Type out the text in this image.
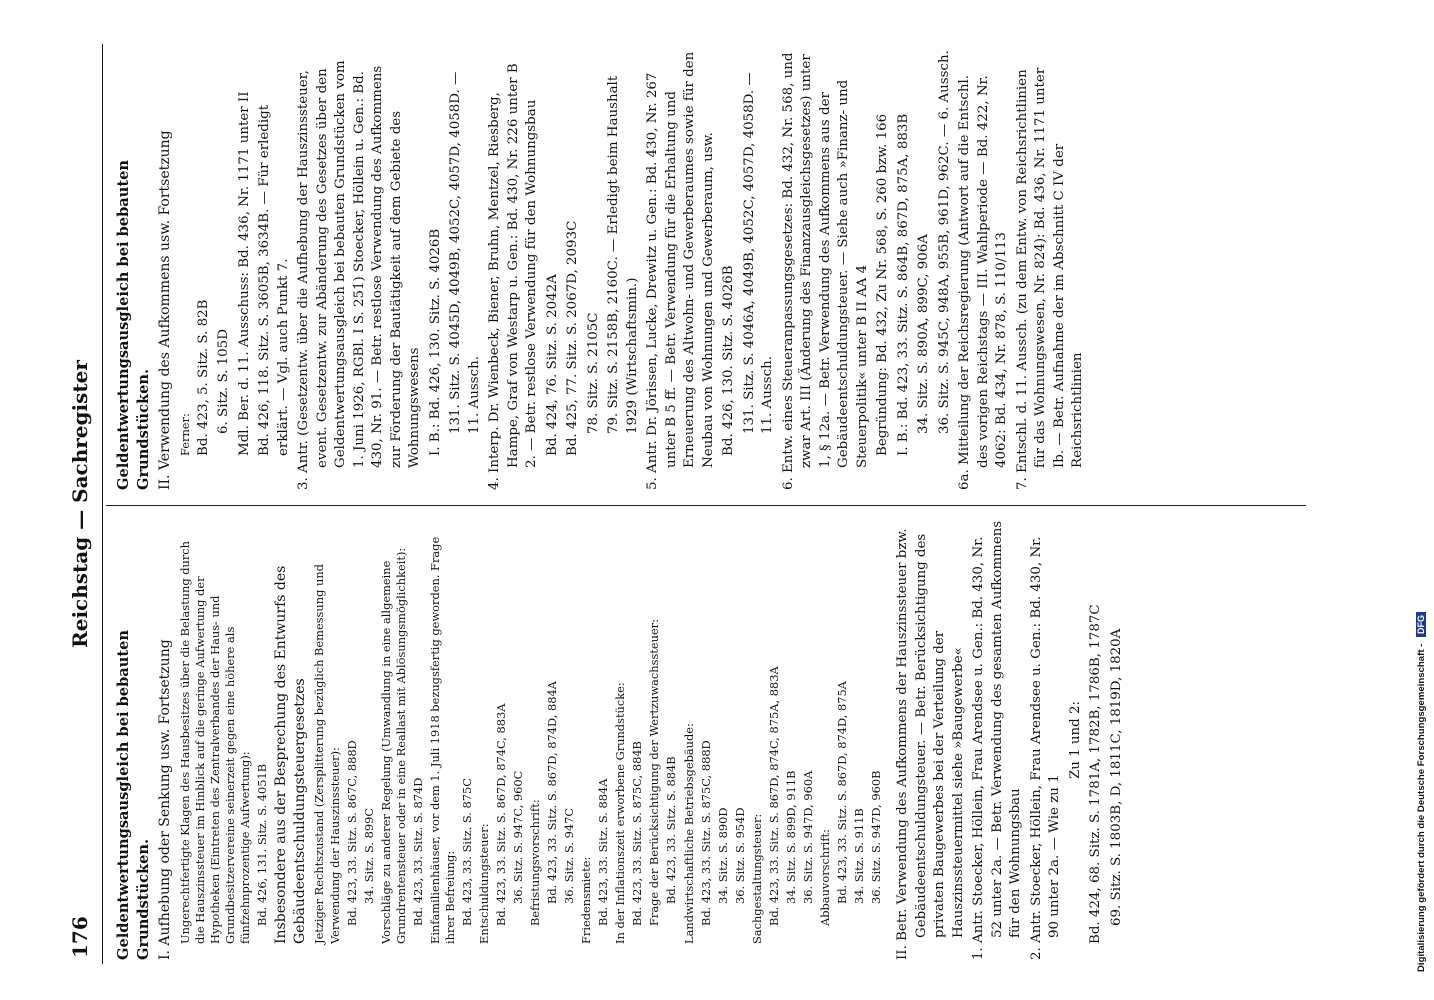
176
Reichstag — Sachregister

Geldentwertungsausgleich bei bebauten Grundstücken. I. Aufhebung oder Senkung usw. Fortsetzung Ungerechtfertigte Klagen des Hausbesitzes über die Belastung durch die Hauszinssteuer im Hinblick auf die geringe Aufwertung der Hypotheken (Eintreten des Zentralverbandes der Haus- und Grundbesitzervereine seinerzeit gegen eine höhere als fünfzehnprozentige Aufwertung): Bd. 426, 131. Sitz. S. 4051B Insbesondere aus der Besprechung des Entwurfs des Gebäudeentschuldungsteuergesetzes Jetziger Rechtszustand (Zersplitterung bezüglich Bemessung und Verwendung der Hauszinssteuer): Bd. 423, 33. Sitz. S. 867C, 888D 34. Sitz. S. 899C Vorschläge zu anderer Regelung (Umwandlung in eine allgemeine Grundrentensteuer oder in eine Reallast mit Ablösungsmöglichkeit): Bd. 423, 33. Sitz. S. 874D Einfamilienhäuser, vor dem 1. Juli 1918 bezugsfertig geworden. Frage ihrer Befreiung: Bd. 423, 33. Sitz. S. 875C Entschuldungsteuer: Bd. 423, 33. Sitz. S. 867D, 874C, 883A 36. Sitz. S. 947C, 960C Befristungsvorschrift: Bd. 423, 33. Sitz. S. 867D, 874D, 884A 36. Sitz. S. 947C Friedensmiete: Bd. 423, 33. Sitz. S. 884A In der Inflationszeit erworbene Grundstücke: Bd. 423, 33. Sitz. S. 875C, 884B Frage der Berücksichtigung der Wertzuwachssteuer: Bd. 423, 33. Sitz. S. 884B Landwirtschaftliche Betriebsgebäude: Bd. 423, 33. Sitz. S. 875C, 888D 34. Sitz. S. 890D 36. Sitz. S. 954D Sachgestaltungsteuer: Bd. 423, 33. Sitz. S. 867D, 874C, 875A, 883A 34. Sitz. S. 899D, 911B 36. Sitz. S. 947D, 960A Abbauvorschrift: Bd. 423, 33. Sitz. S. 867D, 874D, 875A 34. Sitz. S. 911B 36. Sitz. S. 947D, 960B II. Betr. Verwendung des Aufkommens der Hauszinssteuer bzw. Gebäudeentschuldungsteuer. — Betr. Berücksichtigung des privaten Baugewerbes bei der Verteilung der Hauszinssteuermittel siehe »Baugewerbe« 1. Antr. Stoecker, Höllein, Frau Arendsee u. Gen.: Bd. 430, Nr. 52 unter 2a. — Betr. Verwendung des gesamten Aufkommens für den Wohnungsbau 2. Antr. Stoecker, Höllein, Frau Arendsee u. Gen.: Bd. 430, Nr. 90 unter 2a. — Wie zu 1

Zu 1 und 2: Bd. 424, 68. Sitz. S. 1781A, 1782B, 1786B, 1787C 69. Sitz. S. 1803B, D, 1811C, 1819D, 1820A

Geldentwertungsausgleich bei bebauten Grundstücken. II. Verwendung des Aufkommens usw. Fortsetzung Ferner: Bd. 423, 5. Sitz. S. 82B 6. Sitz. S. 105D Mdl. Ber. d. 11. Ausschuss: Bd. 436, Nr. 1171 unter II Bd. 426, 118. Sitz. S. 3605B, 3634B. — Für erledigt erklärt. — Vgl. auch Punkt 7. 3. Antr. (Gesetzentw. über die Aufhebung der Hauszinssteuer, event. Gesetzentw. zur Abänderung des Gesetzes über den Geldentwertungsausgleich bei bebauten Grundstücken vom 1. Juni 1926, RGBl. I S. 251) Stoecker, Höllein u. Gen.: Bd. 430, Nr. 91. — Betr. restlose Verwendung des Aufkommens zur Förderung der Bautätigkeit auf dem Gebiete des Wohnungswesens I. B.: Bd. 426, 130. Sitz. S. 4026B 131. Sitz. S. 4045D, 4049B, 4052C, 4057D, 4058D. — 11. Aussch. 4. Interp. Dr. Wienbeck, Biener, Bruhn, Mentzel, Riesberg, Hampe, Graf von Westarp u. Gen.: Bd. 430, Nr. 226 unter B 2. — Betr. restlose Verwendung für den Wohnungsbau Bd. 424, 76. Sitz. S. 2042A Bd. 425, 77. Sitz. S. 2067D, 2093C 78. Sitz. S. 2105C 79. Sitz. S. 2158B, 2160C. — Erledigt beim Haushalt 1929 (Wirtschaftsmin.) 5. Antr. Dr. Jörissen, Lucke, Drewitz u. Gen.: Bd. 430, Nr. 267 unter B 5 ff. — Betr. Verwendung für die Erhaltung und Erneuerung des Altwohn- und Gewerberaumes sowie für den Neubau von Wohnungen und Gewerberaum, usw. Bd. 426, 130. Sitz. S. 4026B 131. Sitz. S. 4046A, 4049B, 4052C, 4057D, 4058D. — 11. Aussch. 6. Entw. eines Steueranpassungsgesetzes: Bd. 432, Nr. 568, und zwar Art. III (Änderung des Finanzausgleichsgesetzes) unter 1, § 12a. — Betr. Verwendung des Aufkommens aus der Gebäudeentschuldungsteuer. — Siehe auch »Finanz- und Steuerpolitik« unter B II AA 4 Begründung: Bd. 432, Zu Nr. 568, S. 260 bzw. 166 I. B.: Bd. 423, 33. Sitz. S. 864B, 867D, 875A, 883B 34. Sitz. S. 890A, 899C, 906A 36. Sitz. S. 945C, 948A, 955B, 961D, 962C. — 6. Aussch. 6a. Mitteilung der Reichsregierung (Antwort auf die Entschl. des vorigen Reichstags — III. Wahlperiode — Bd. 422, Nr. 4062: Bd. 434, Nr. 878, S. 110/113 7. Entschl. d. 11. Aussch. (zu dem Entw. von Reichsrichtlinien für das Wohnungswesen, Nr. 824): Bd. 436, Nr. 1171 unter Ib. — Betr. Aufnahme der im Abschnitt C IV der Reichsrichtlinien

Digitalisierung gefördert durch die Deutsche Forschungsgemeinschaft - DFG
